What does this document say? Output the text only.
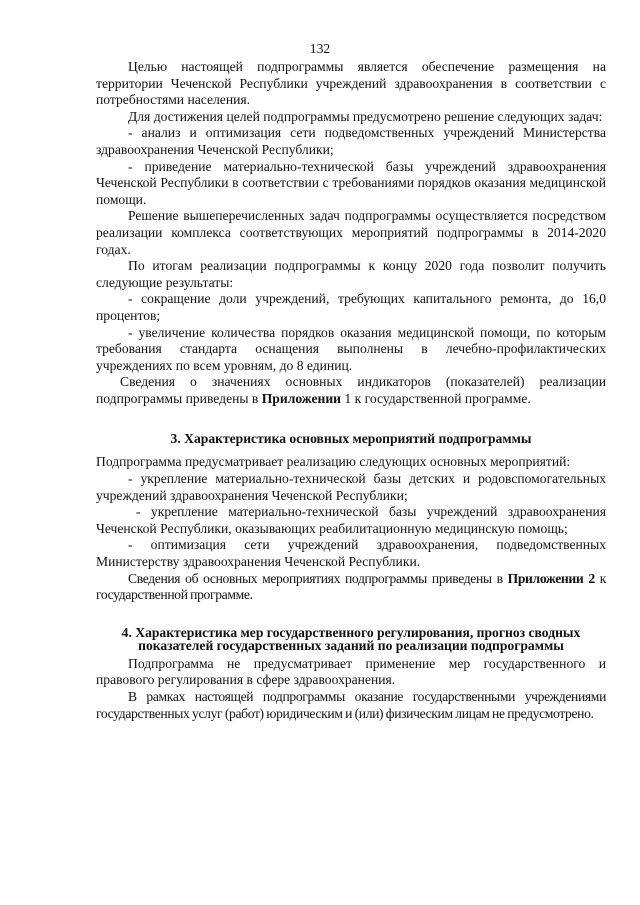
132

Целью настоящей подпрограммы является обеспечение размещения на территории Чеченской Республики учреждений здравоохранения в соответствии с потребностями населения.

Для достижения целей подпрограммы предусмотрено решение следующих задач:

- анализ и оптимизация сети подведомственных учреждений Министерства здравоохранения Чеченской Республики;

- приведение материально-технической базы учреждений здравоохранения Чеченской Республики в соответствии с требованиями порядков оказания медицинской помощи.

Решение вышеперечисленных задач подпрограммы осуществляется посредством реализации комплекса соответствующих мероприятий подпрограммы в 2014-2020 годах.

По итогам реализации подпрограммы к концу 2020 года позволит получить следующие результаты:

- сокращение доли учреждений, требующих капитального ремонта, до 16,0 процентов;

- увеличение количества порядков оказания медицинской помощи, по которым требования стандарта оснащения выполнены в лечебно-профилактических учреждениях по всем уровням, до 8 единиц.

Сведения о значениях основных индикаторов (показателей) реализации подпрограммы приведены в Приложении 1 к государственной программе.

3. Характеристика основных мероприятий подпрограммы

Подпрограмма предусматривает реализацию следующих основных мероприятий:

- укрепление материально-технической базы детских и родовспомогательных учреждений здравоохранения Чеченской Республики;

- укрепление материально-технической базы учреждений здравоохранения Чеченской Республики, оказывающих реабилитационную медицинскую помощь;

- оптимизация сети учреждений здравоохранения, подведомственных Министерству здравоохранения Чеченской Республики.

Сведения об основных мероприятиях подпрограммы приведены в Приложении 2 к государственной программе.

4. Характеристика мер государственного регулирования, прогноз сводных показателей государственных заданий по реализации подпрограммы

Подпрограмма не предусматривает применение мер государственного и правового регулирования в сфере здравоохранения.

В рамках настоящей подпрограммы оказание государственными учреждениями государственных услуг (работ) юридическим и (или) физическим лицам не предусмотрено.
